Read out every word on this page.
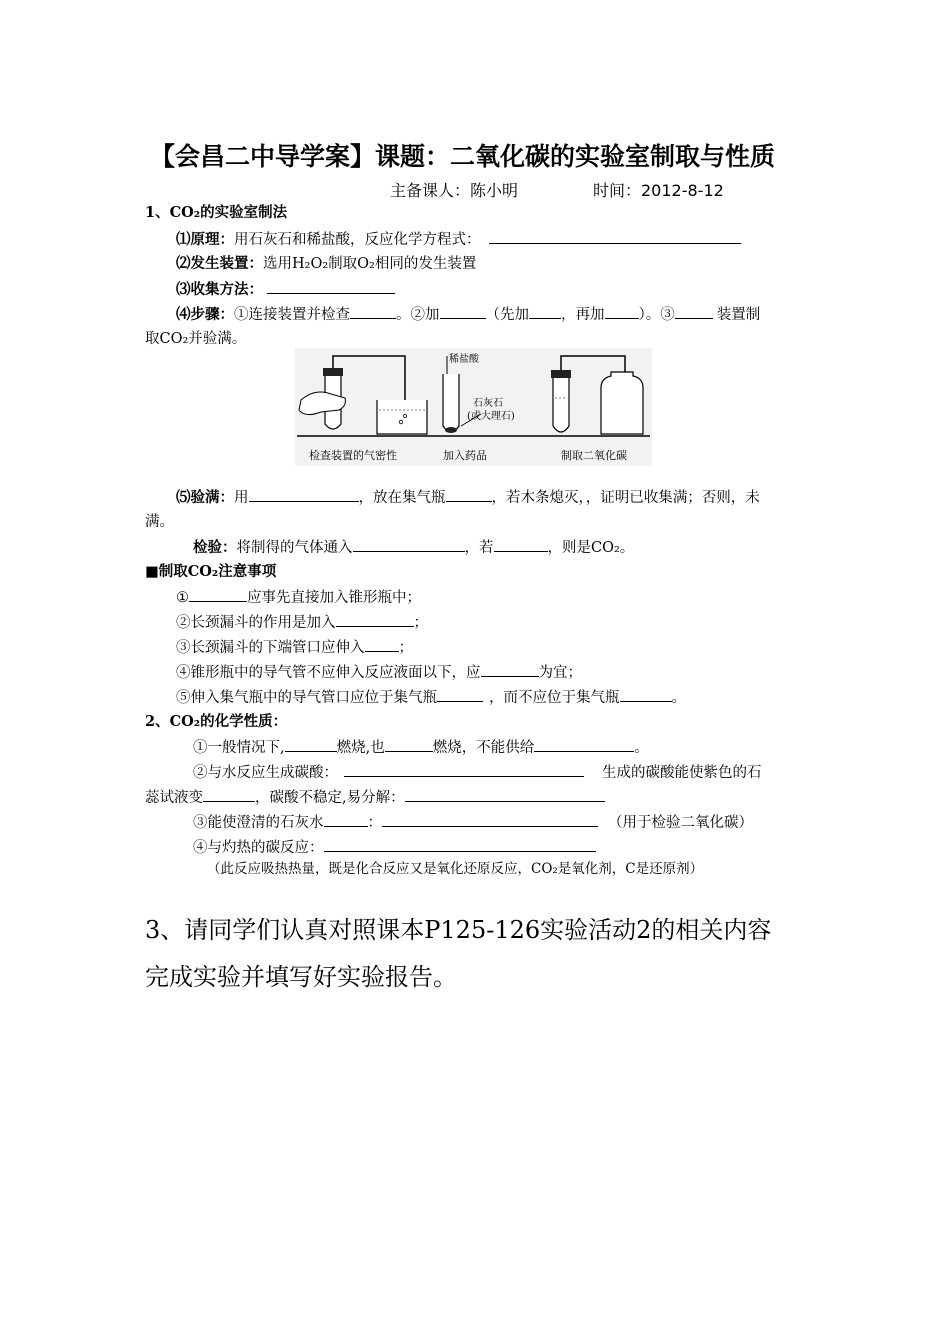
【会昌二中导学案】课题：二氧化碳的实验室制取与性质
主备课人：陈小明	时间：2012-8-12
1、CO₂的实验室制法
⑴原理：用石灰石和稀盐酸，反应化学方程式：
⑵发生装置：选用H₂O₂制取O₂相同的发生装置
⑶收集方法：
⑷步骤：①连接装置并检查	。②加	（先加 ，再加 ）。③	装置制
取CO₂并验满。
稀盐酸
石灰石
(或大理石)
检查装置的气密性	加入药品	制取二氧化碳
⑸验满：用	，放在集气瓶	，若木条熄灭，，证明已收集满；否则，未
满。
检验：将制得的气体通入	，若	，则是CO₂。
■制取CO₂注意事项
①	应事先直接加入锥形瓶中；
②长颈漏斗的作用是加入	；
③长颈漏斗的下端管口应伸入 ；
④锥形瓶中的导气管不应伸入反应液面以下，应	为宜；
⑤伸入集气瓶中的导气管口应位于集气瓶	，而不应位于集气瓶	。
2、CO₂的化学性质：
①一般情况下,	燃烧,也	燃烧，不能供给	。
②与水反应生成碳酸：	生成的碳酸能使紫色的石
蕊试液变	，碳酸不稳定,易分解：
③能使澄清的石灰水	：	（用于检验二氧化碳）
④与灼热的碳反应：
（此反应吸热热量，既是化合反应又是氧化还原反应，CO₂是氧化剂，C是还原剂）
3、请同学们认真对照课本P125-126实验活动2的相关内容
完成实验并填写好实验报告。
